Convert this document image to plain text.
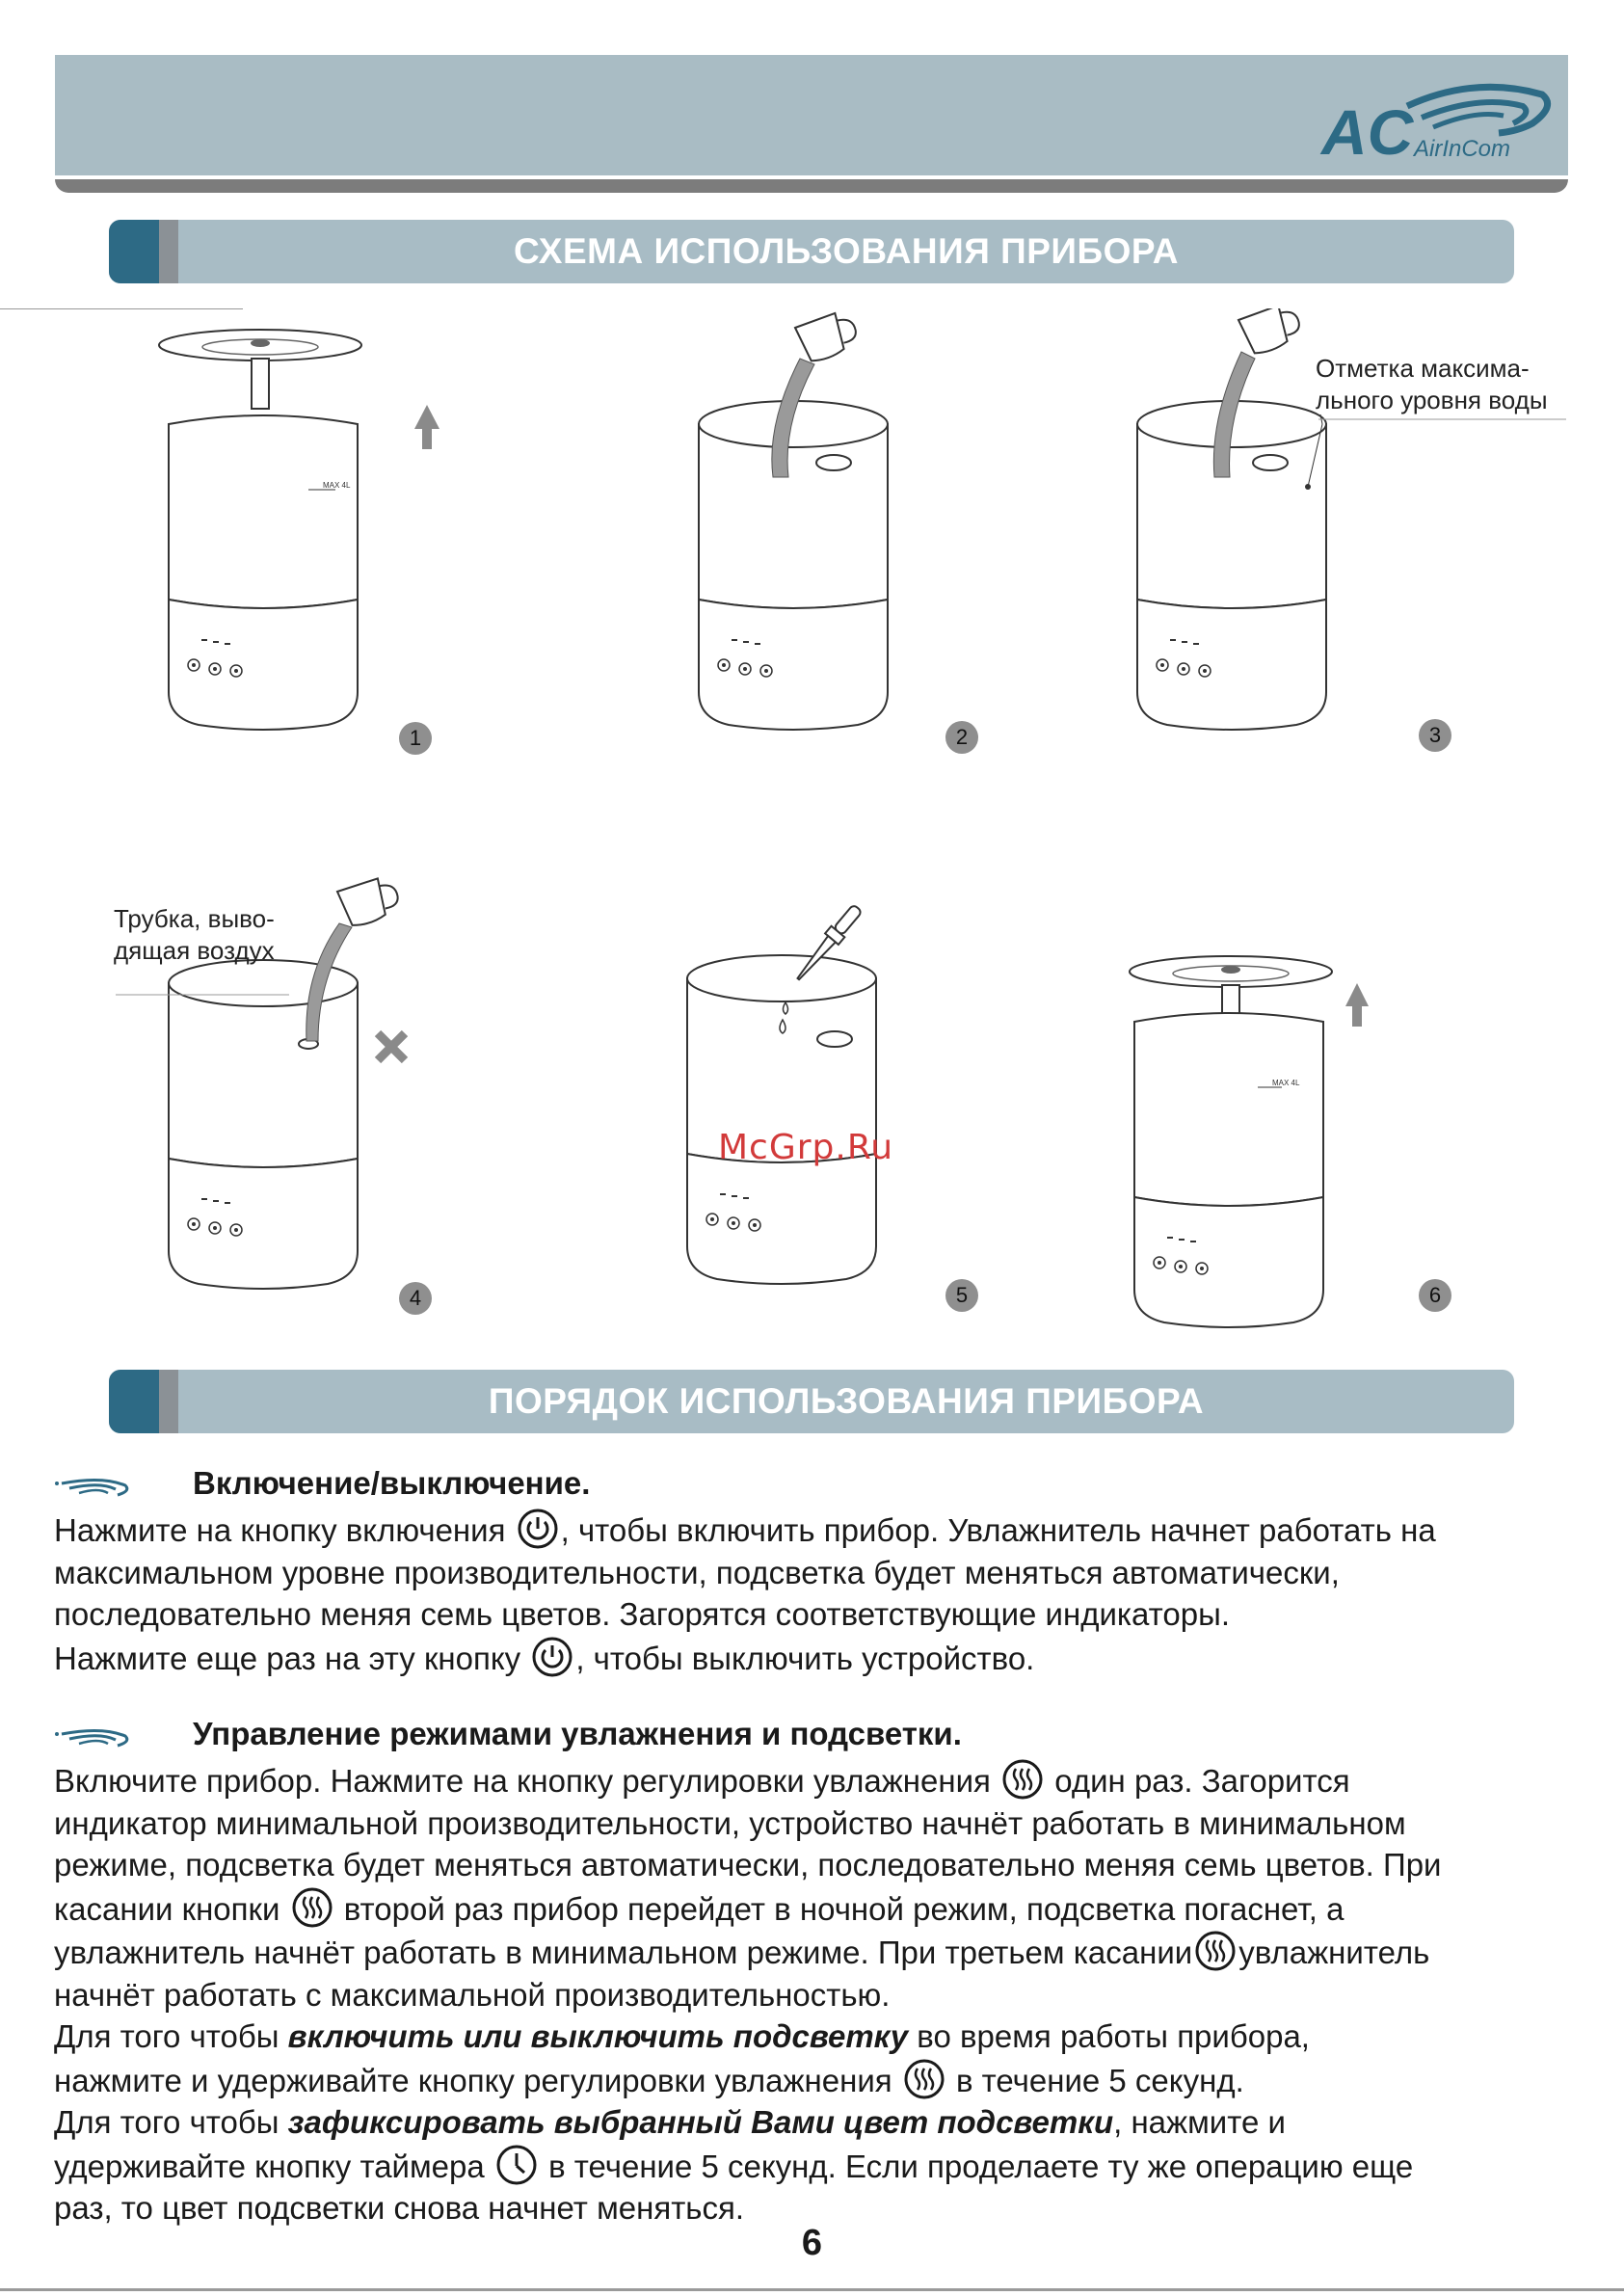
AC AirInCom
СХЕМА ИСПОЛЬЗОВАНИЯ ПРИБОРА
MAX 4L
MAX 4L
1	2	3
4	5	6
Отметка максима-
льного уровня воды
Трубка, выво-
дящая воздух
McGrp.Ru
ПОРЯДОК ИСПОЛЬЗОВАНИЯ ПРИБОРА
Включение/выключение.
Нажмите на кнопку включения , чтобы включить прибор. Увлажнитель начнет работать на
максимальном уровне производительности, подсветка будет меняться автоматически,
последовательно меняя семь цветов. Загорятся соответствующие индикаторы.
Нажмите еще раз на эту кнопку , чтобы выключить устройство.
Управление режимами увлажнения и подсветки.
Включите прибор. Нажмите на кнопку регулировки увлажнения  один раз. Загорится
индикатор минимальной производительности, устройство начнёт работать в минимальном
режиме, подсветка будет меняться автоматически, последовательно меняя семь цветов. При
касании кнопки  второй раз прибор перейдет в ночной режим, подсветка погаснет, а
увлажнитель начнёт работать в минимальном режиме. При третьем касании увлажнитель
начнёт работать с максимальной производительностью.
Для того чтобы включить или выключить подсветку во время работы прибора,
нажмите и удерживайте кнопку регулировки увлажнения  в течение 5 секунд.
Для того чтобы зафиксировать выбранный Вами цвет подсветки, нажмите и
удерживайте кнопку таймера  в течение 5 секунд. Если проделаете ту же операцию еще
раз, то цвет подсветки снова начнет меняться.
6
